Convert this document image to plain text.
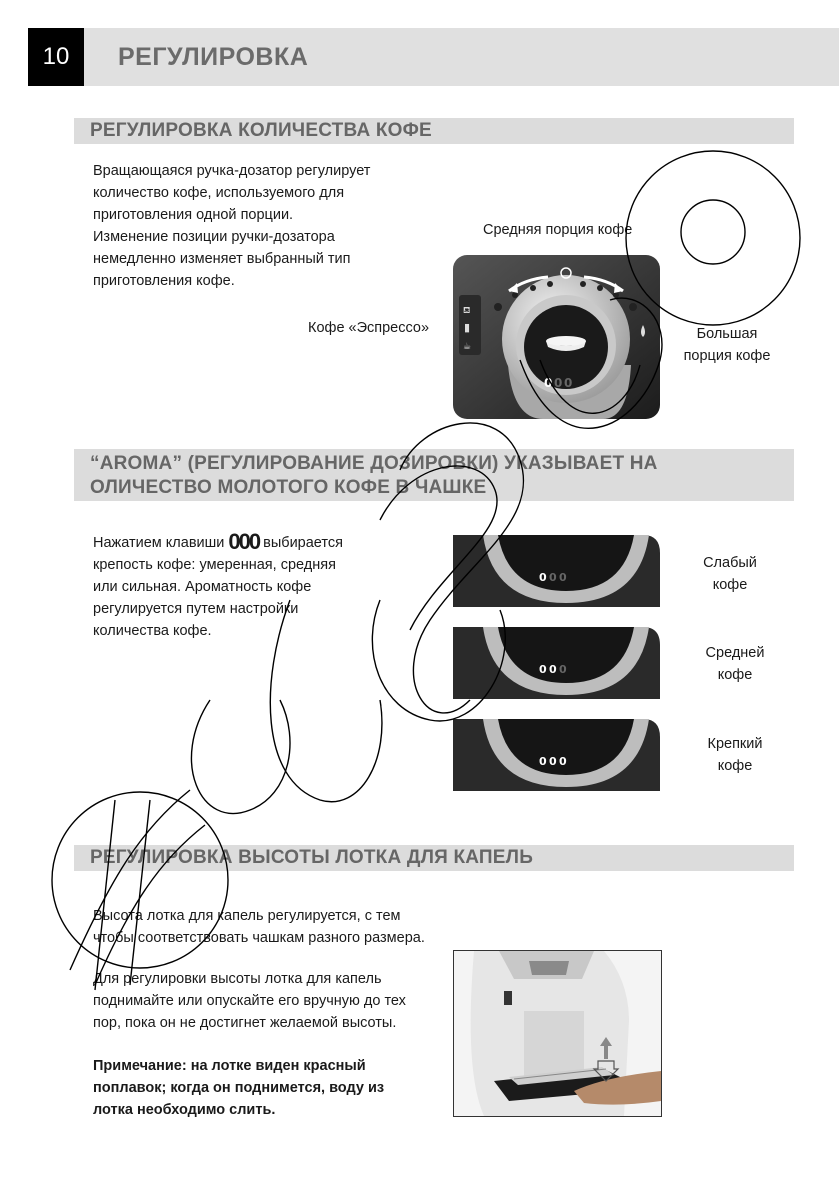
10	РЕГУЛИРОВКА
РЕГУЛИРОВКА КОЛИЧЕСТВА КОФЕ

Вращающаяся ручка-дозатор регулирует

количество кофе, используемого для

приготовления одной порции.

Изменение позиции ручки-дозатора

немедленно изменяет выбранный тип

приготовления кофе.

Средняя порция кофе
Кофе «Эспрессо»	Большая
порция кофе
⛾
▮
☕
0 0 0
“AROMA” (РЕГУЛИРОВАНИЕ ДОЗИРОВКИ) УКАЗЫВАЕТ НА
ОЛИЧЕСТВО МОЛОТОГО КОФЕ В ЧАШКЕ

Нажатием клавиши 000 выбирается

крепость кофе: умеренная, средняя

или сильная. Ароматность кофе

регулируется путем настройки

количества кофе.

0 0 0
Слабый
кофе
0 0 0
Средней
кофе
0 0 0
Крепкий
кофе
РЕГУЛИРОВКА ВЫСОТЫ ЛОТКА ДЛЯ КАПЕЛЬ

Высота лотка для капель регулируется, с тем

чтобы соответствовать чашкам разного размера.

Для регулировки высоты лотка для капель

поднимайте или опускайте его вручную до тех

пор, пока он не достигнет желаемой высоты.

Примечание: на лотке виден красный
поплавок; когда он поднимется, воду из
лотка необходимо слить.
